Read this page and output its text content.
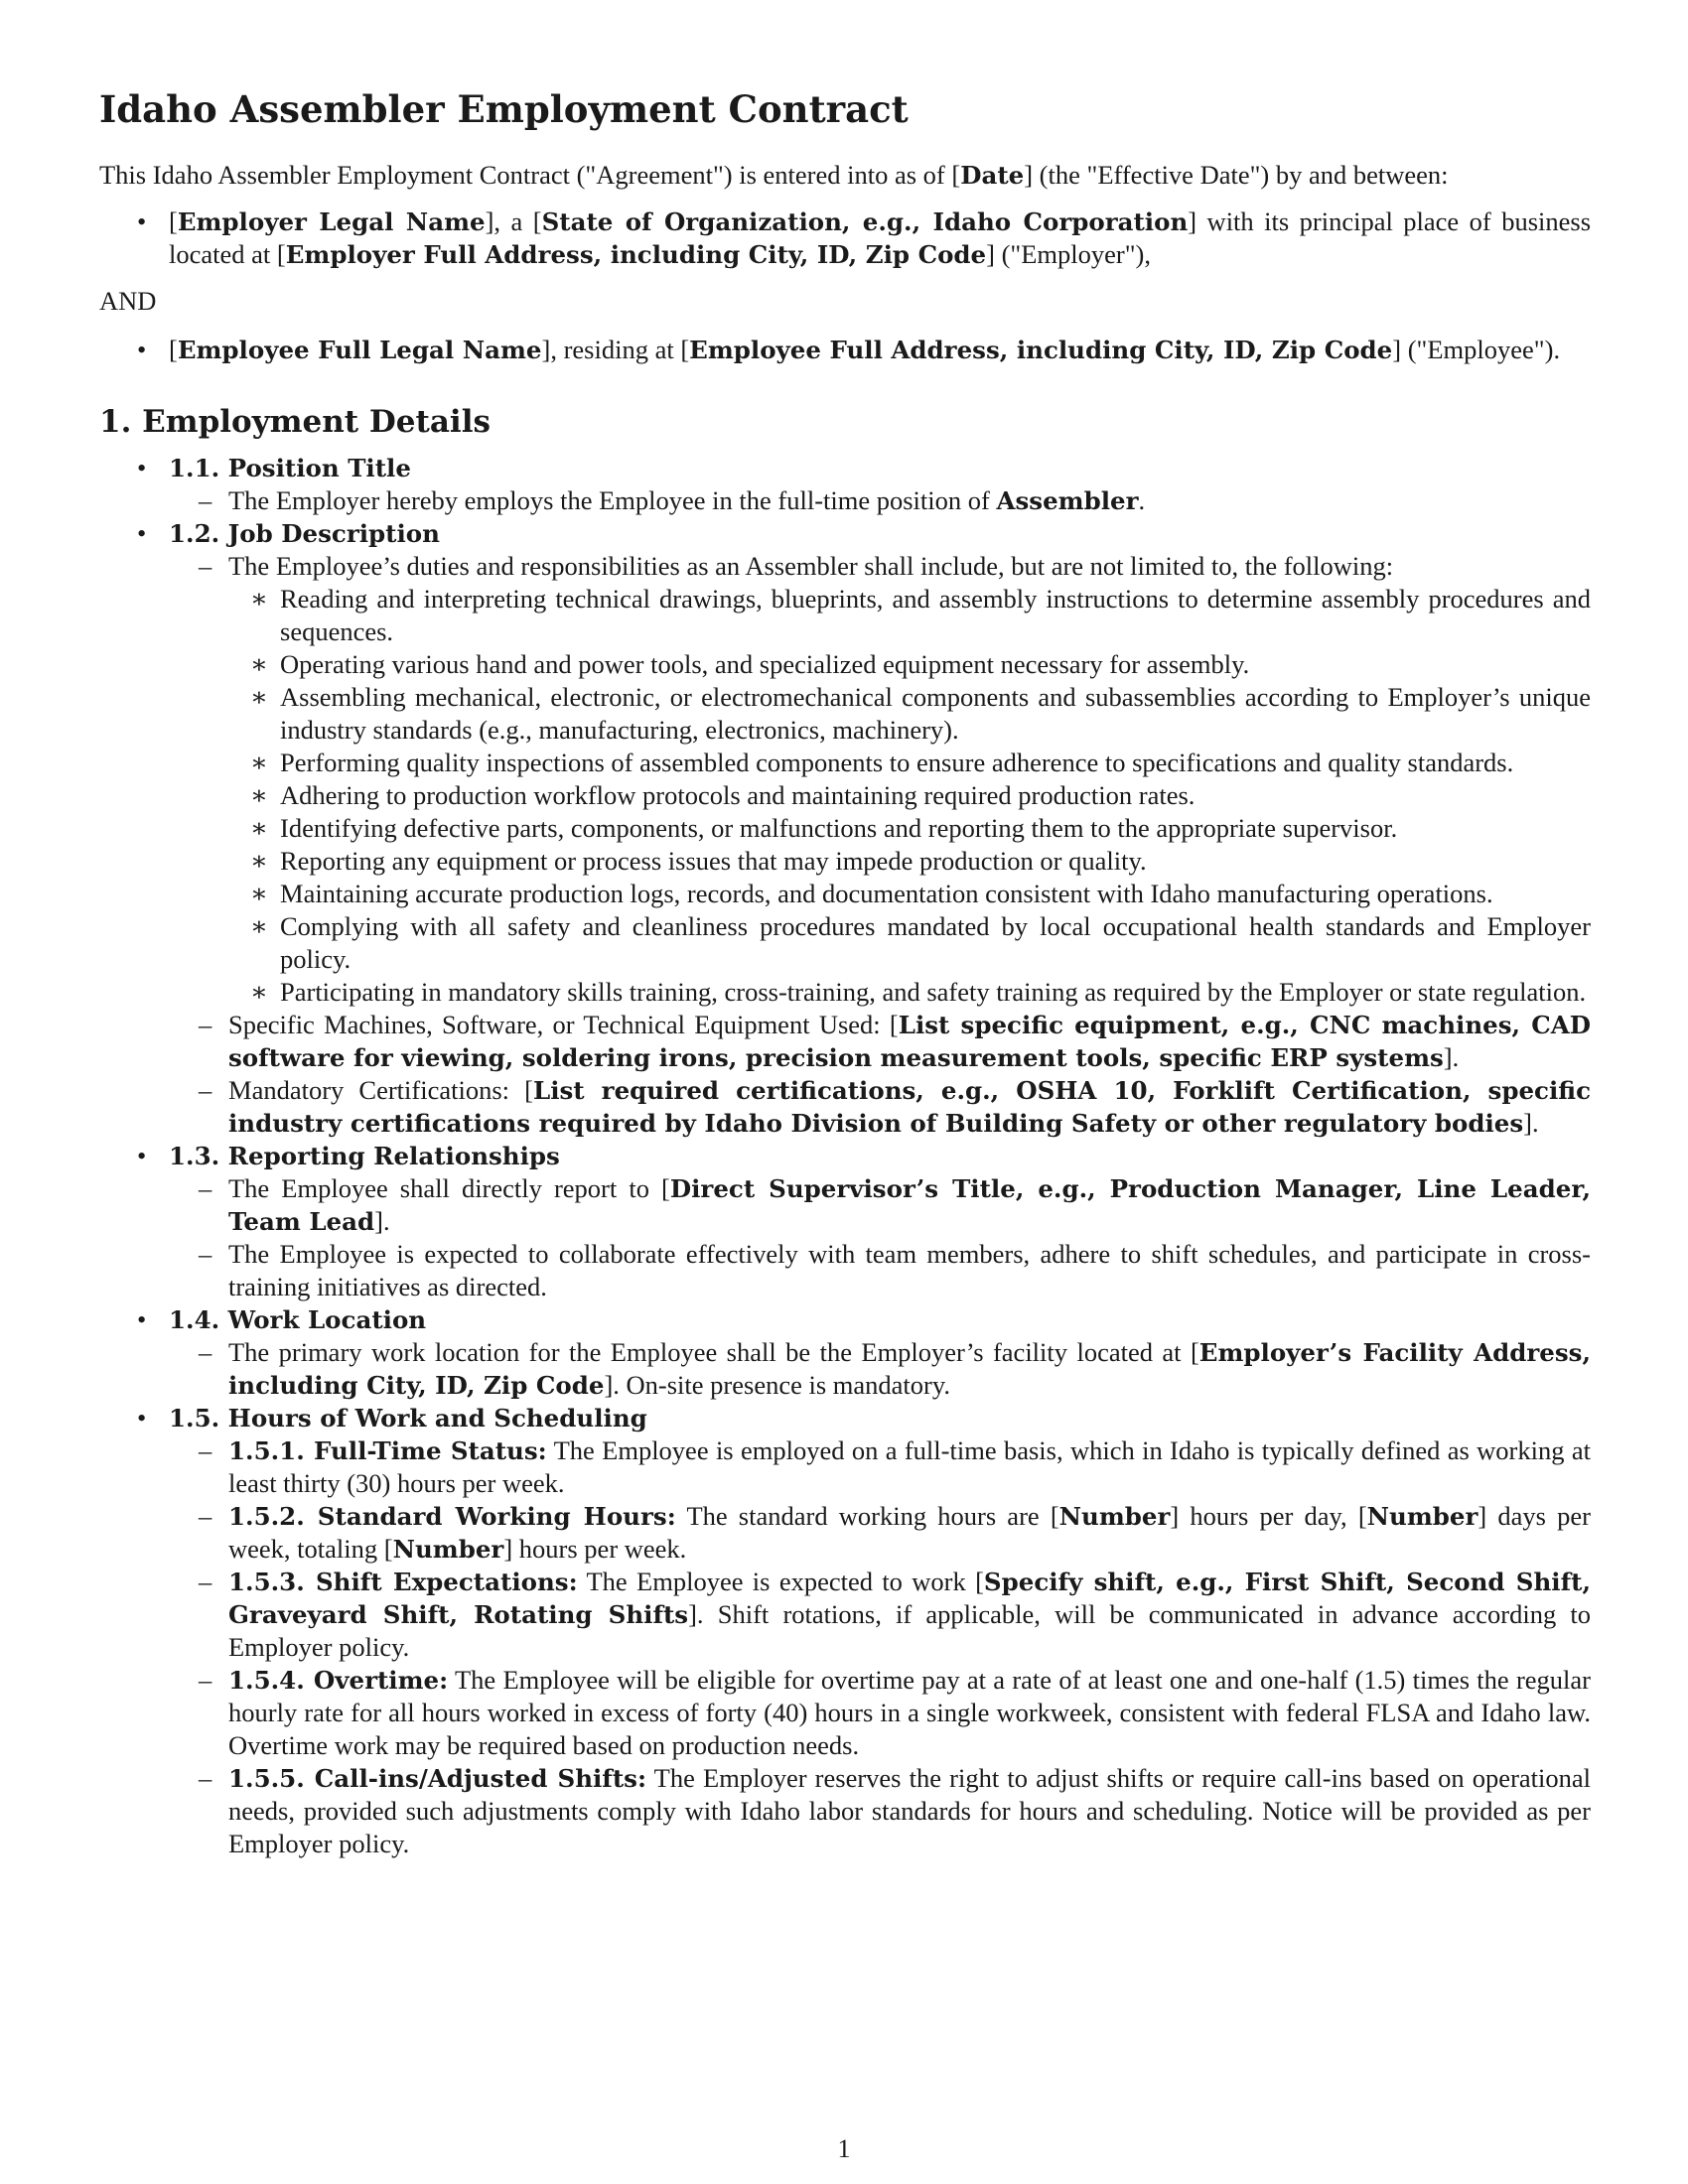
Idaho Assembler Employment Contract

This Idaho Assembler Employment Contract ("Agreement") is entered into as of [Date] (the "Effective Date") by and between:

• [Employer Legal Name], a [State of Organization, e.g., Idaho Corporation] with its principal place of business located at [Employer Full Address, including City, ID, Zip Code] ("Employer"),
AND
• [Employee Full Legal Name], residing at [Employee Full Address, including City, ID, Zip Code] ("Employee").
1. Employment Details
• 1.1. Position Title
– The Employer hereby employs the Employee in the full-time position of Assembler.
• 1.2. Job Description
– The Employee’s duties and responsibilities as an Assembler shall include, but are not limited to, the following:
∗ Reading and interpreting technical drawings, blueprints, and assembly instructions to determine assembly procedures and sequences.
∗ Operating various hand and power tools, and specialized equipment necessary for assembly.
∗ Assembling mechanical, electronic, or electromechanical components and subassemblies according to Employer’s unique industry standards (e.g., manufacturing, electronics, machinery).
∗ Performing quality inspections of assembled components to ensure adherence to specifications and quality standards.
∗ Adhering to production workflow protocols and maintaining required production rates.
∗ Identifying defective parts, components, or malfunctions and reporting them to the appropriate supervisor.
∗ Reporting any equipment or process issues that may impede production or quality.
∗ Maintaining accurate production logs, records, and documentation consistent with Idaho manufacturing operations.
∗ Complying with all safety and cleanliness procedures mandated by local occupational health standards and Employer policy.
∗ Participating in mandatory skills training, cross-training, and safety training as required by the Employer or state regulation.
– Specific Machines, Software, or Technical Equipment Used: [List specific equipment, e.g., CNC machines, CAD software for viewing, soldering irons, precision measurement tools, specific ERP systems].
– Mandatory Certifications: [List required certifications, e.g., OSHA 10, Forklift Certification, specific industry certifications required by Idaho Division of Building Safety or other regulatory bodies].
• 1.3. Reporting Relationships
– The Employee shall directly report to [Direct Supervisor’s Title, e.g., Production Manager, Line Leader, Team Lead].
– The Employee is expected to collaborate effectively with team members, adhere to shift schedules, and participate in cross-training initiatives as directed.
• 1.4. Work Location
– The primary work location for the Employee shall be the Employer’s facility located at [Employer’s Facility Address, including City, ID, Zip Code]. On-site presence is mandatory.
• 1.5. Hours of Work and Scheduling
– 1.5.1. Full-Time Status: The Employee is employed on a full-time basis, which in Idaho is typically defined as working at least thirty (30) hours per week.
– 1.5.2. Standard Working Hours: The standard working hours are [Number] hours per day, [Number] days per week, totaling [Number] hours per week.
– 1.5.3. Shift Expectations: The Employee is expected to work [Specify shift, e.g., First Shift, Second Shift, Graveyard Shift, Rotating Shifts]. Shift rotations, if applicable, will be communicated in advance according to Employer policy.
– 1.5.4. Overtime: The Employee will be eligible for overtime pay at a rate of at least one and one-half (1.5) times the regular hourly rate for all hours worked in excess of forty (40) hours in a single workweek, consistent with federal FLSA and Idaho law. Overtime work may be required based on production needs.
– 1.5.5. Call-ins/Adjusted Shifts: The Employer reserves the right to adjust shifts or require call-ins based on operational needs, provided such adjustments comply with Idaho labor standards for hours and scheduling. Notice will be provided as per Employer policy.
1
